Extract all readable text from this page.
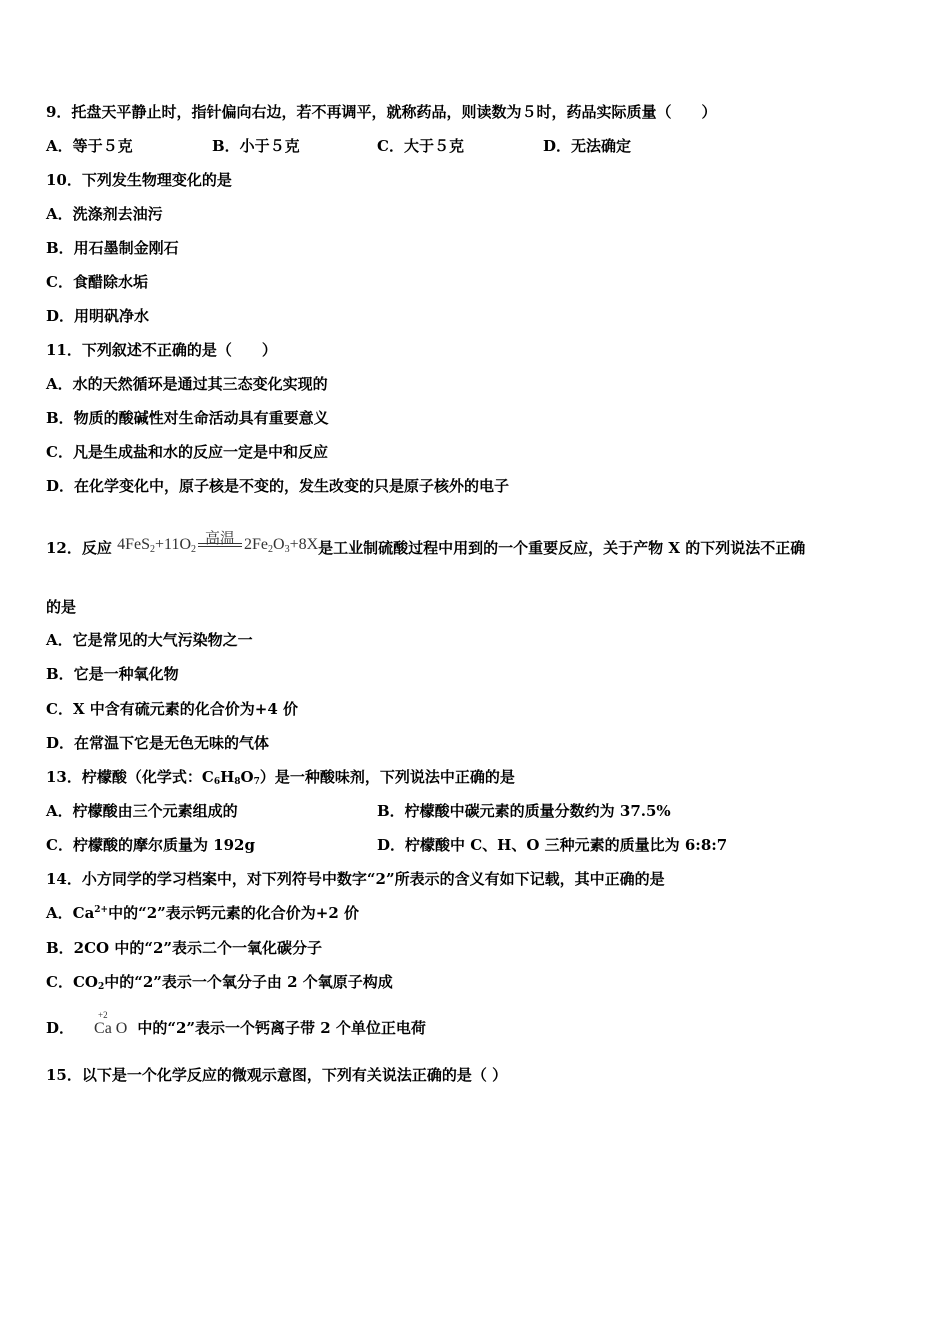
9．托盘天平静止时，指针偏向右边，若不再调平，就称药品，则读数为５时，药品实际质量（　　）
A．等于５克	B．小于５克	C．大于５克	D．无法确定
10．下列发生物理变化的是
A．洗涤剂去油污
B．用石墨制金刚石
C．食醋除水垢
D．用明矾净水
11．下列叙述不正确的是（　　）
A．水的天然循环是通过其三态变化实现的
B．物质的酸碱性对生命活动具有重要意义
C．凡是生成盐和水的反应一定是中和反应
D．在化学变化中，原子核是不变的，发生改变的只是原子核外的电子
12．反应 4FeS2+11O2
高温 2Fe2O3+8X是工业制硫酸过程中用到的一个重要反应，关于产物 X 的下列说法不正确
的是
A．它是常见的大气污染物之一
B．它是一种氧化物
C．X 中含有硫元素的化合价为+4 价
D．在常温下它是无色无味的气体
13．柠檬酸（化学式：$C_6H_8O_7$）是一种酸味剂，下列说法中正确的是
A．柠檬酸由三个元素组成的	B．柠檬酸中碳元素的质量分数约为 37.5%
C．柠檬酸的摩尔质量为 192g	D．柠檬酸中 C、H、O 三种元素的质量比为 6:8:7
14．小方同学的学习档案中，对下列符号中数字“2”所表示的含义有如下记载，其中正确的是
A．$Ca^{2+}$中的“2”表示钙元素的化合价为+2 价
B．2CO 中的“2”表示二个一氧化碳分子
C．$CO_2$中的“2”表示一个氧分子由 2 个氧原子构成
D．
+2
Ca O 中的“2”表示一个钙离子带 2 个单位正电荷
15．以下是一个化学反应的微观示意图，下列有关说法正确的是（ ）
